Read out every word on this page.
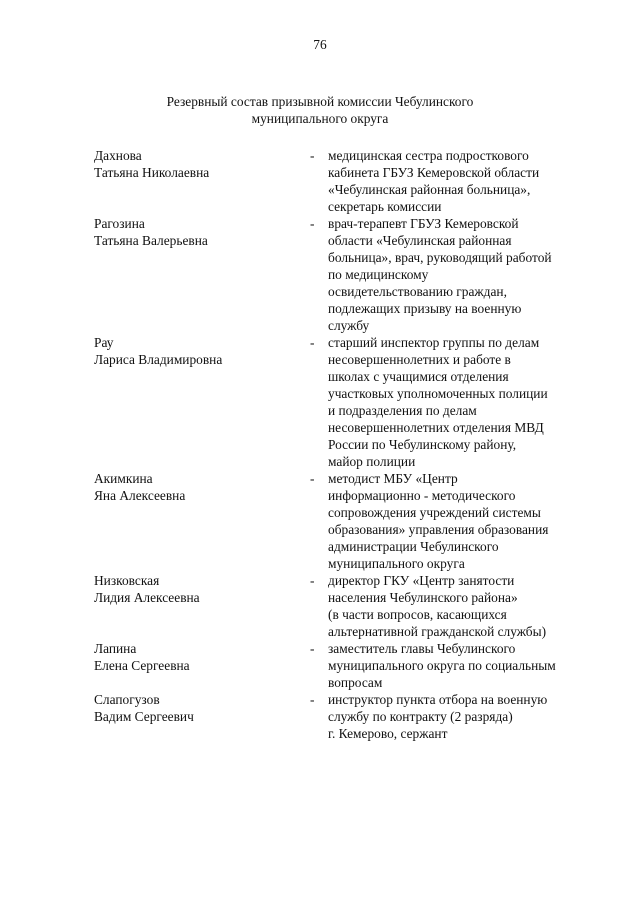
76
Резервный состав призывной комиссии Чебулинского
муниципального округа
Дахнова
Татьяна Николаевна
-	медицинская сестра подросткового
кабинета ГБУЗ Кемеровской области
«Чебулинская районная больница»,
секретарь комиссии
Рагозина
Татьяна Валерьевна
-	врач-терапевт ГБУЗ Кемеровской
области «Чебулинская районная
больница», врач, руководящий работой
по медицинскому
освидетельствованию граждан,
подлежащих призыву на военную
службу
Рау
Лариса Владимировна
-	старший инспектор группы по делам
несовершеннолетних и работе в
школах с учащимися отделения
участковых уполномоченных полиции
и подразделения по делам
несовершеннолетних отделения МВД
России по Чебулинскому району,
майор полиции
Акимкина
Яна Алексеевна
-	методист МБУ «Центр
информационно - методического
сопровождения учреждений системы
образования» управления образования
администрации Чебулинского
муниципального округа
Низковская
Лидия Алексеевна
-	директор ГКУ «Центр занятости
населения Чебулинского района»
(в части вопросов, касающихся
альтернативной гражданской службы)
Лапина
Елена Сергеевна
-	заместитель главы Чебулинского
муниципального округа по социальным
вопросам
Слапогузов
Вадим Сергеевич
-	инструктор пункта отбора на военную
службу по контракту (2 разряда)
г. Кемерово, сержант
